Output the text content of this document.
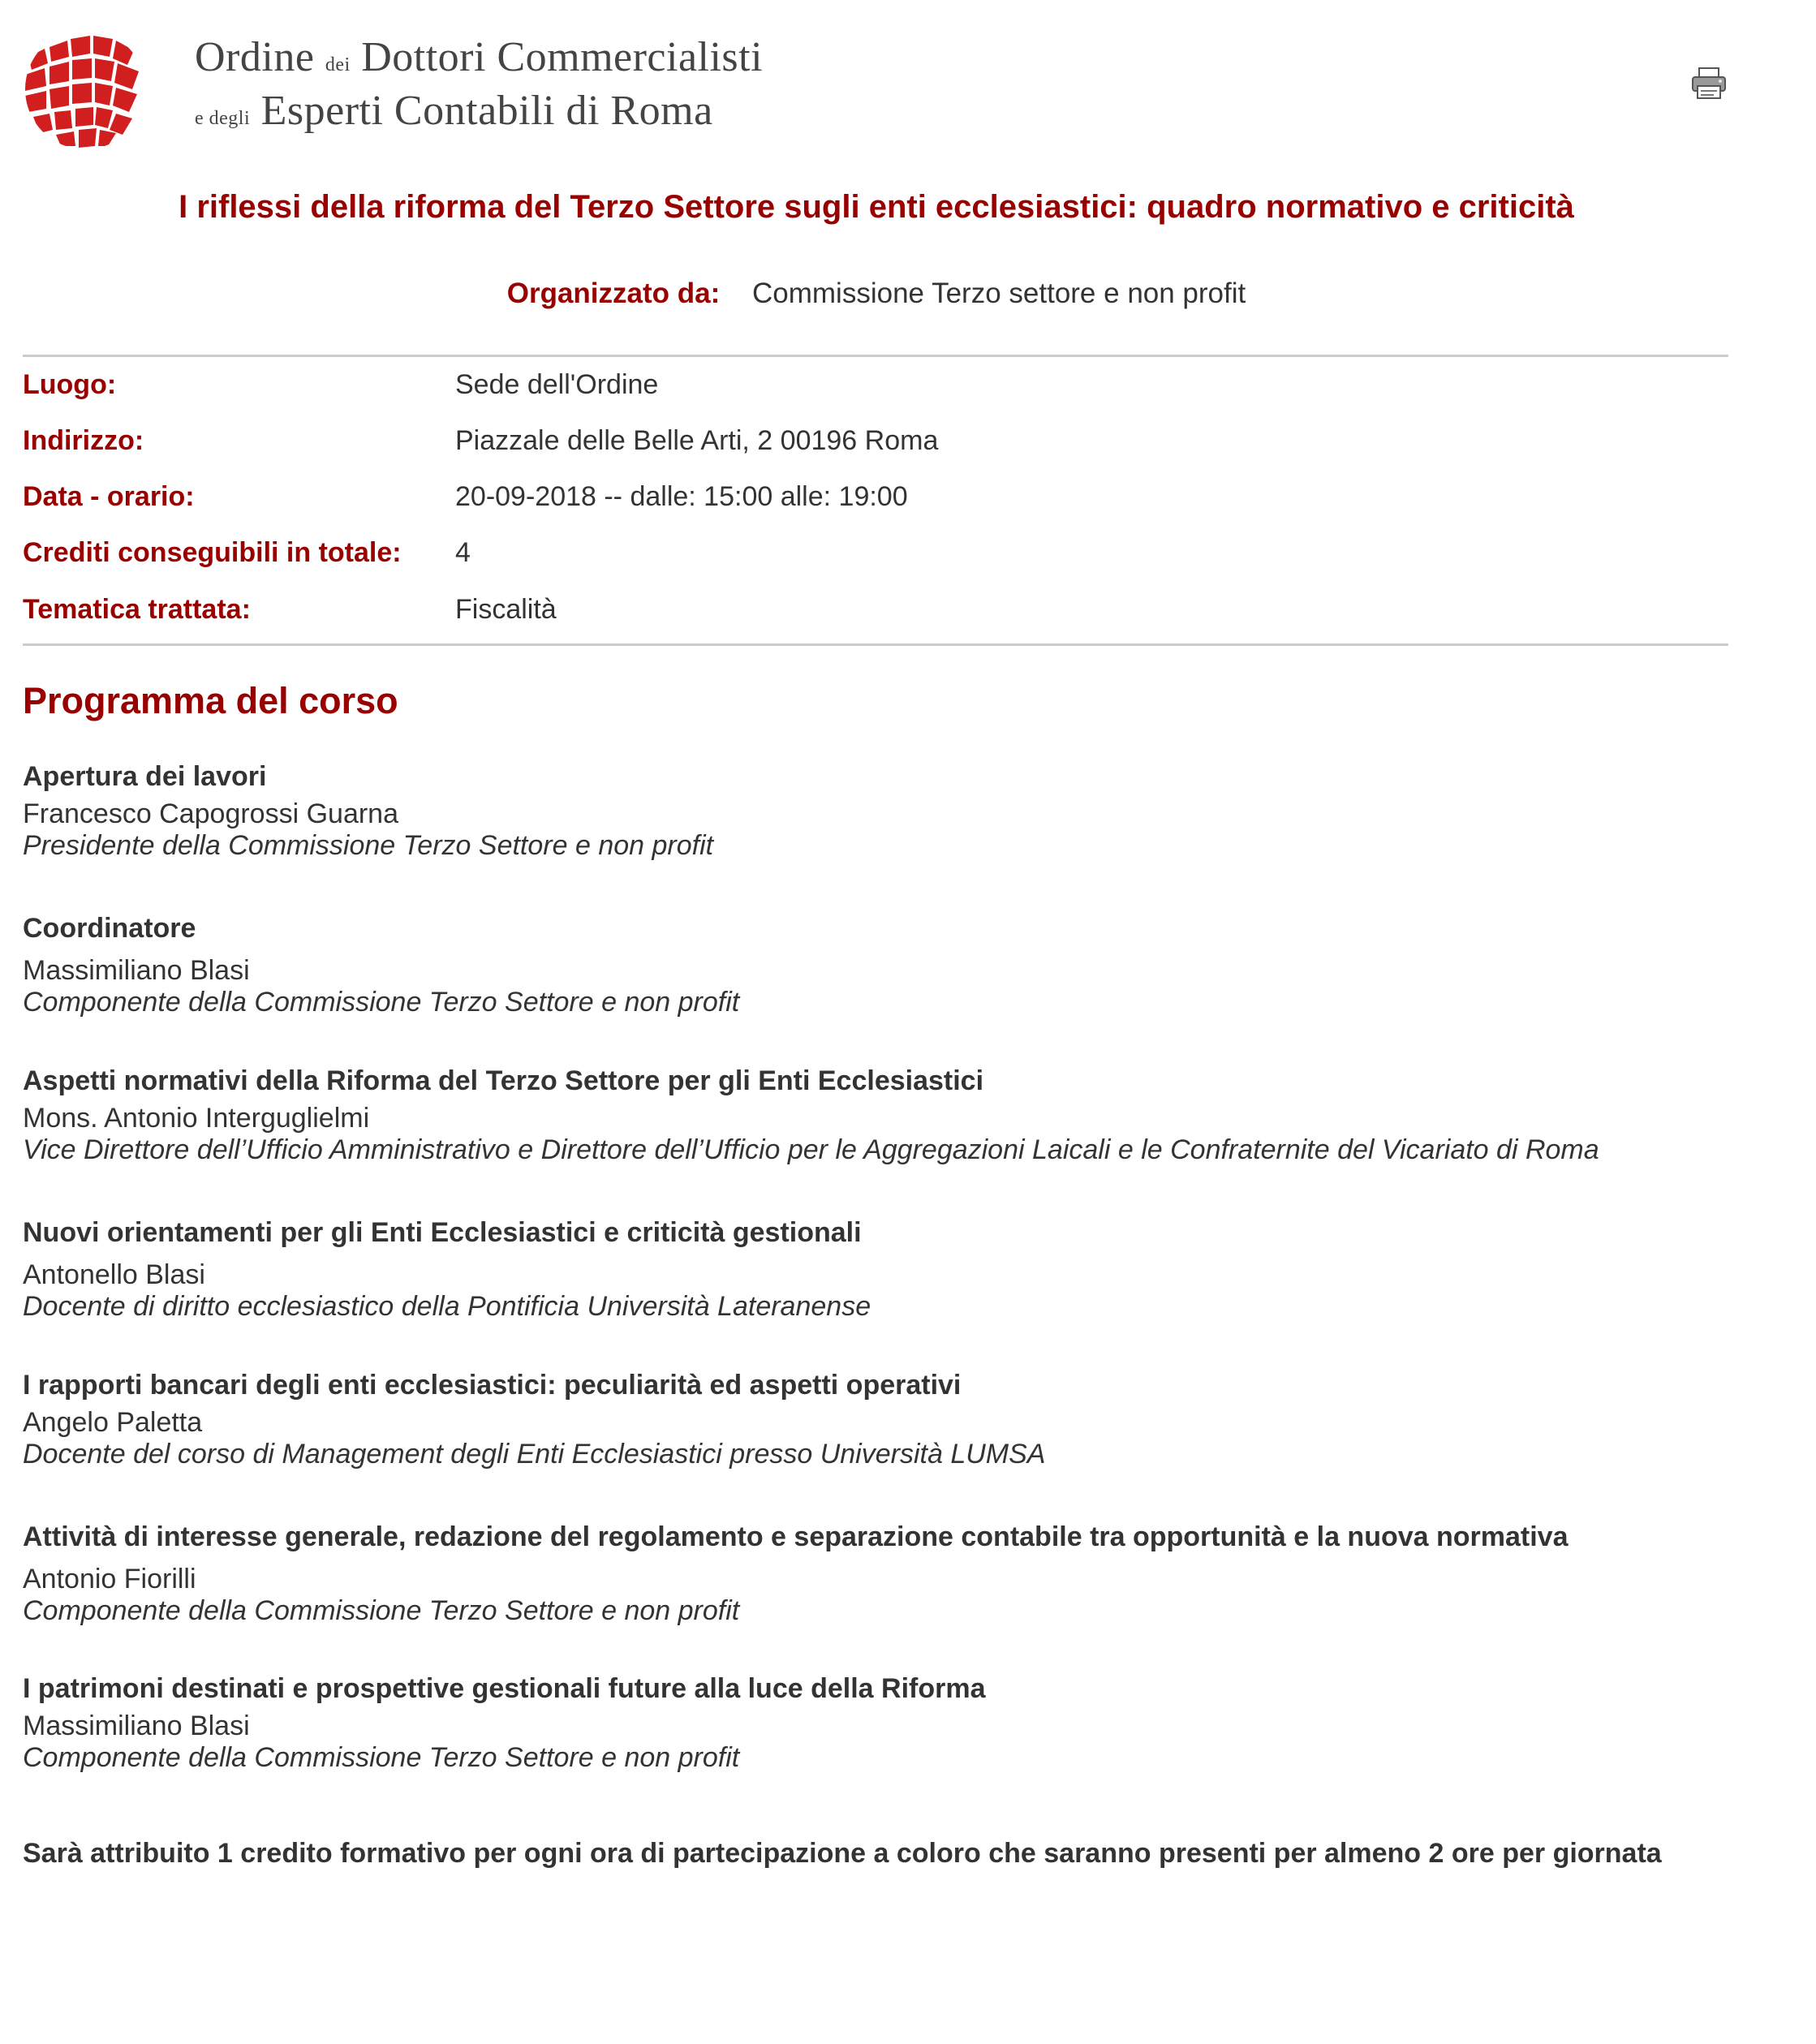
Ordine dei Dottori Commercialisti
e degli Esperti Contabili di Roma
I riflessi della riforma del Terzo Settore sugli enti ecclesiastici: quadro normativo e criticità
Organizzato da: Commissione Terzo settore e non profit
Luogo:	Sede dell'Ordine
Indirizzo:	Piazzale delle Belle Arti, 2 00196 Roma
Data - orario:	20-09-2018 -- dalle: 15:00 alle: 19:00
Crediti conseguibili in totale: 4
Tematica trattata:	Fiscalità
Programma del corso
Apertura dei lavori
Francesco Capogrossi Guarna
Presidente della Commissione Terzo Settore e non profit
Coordinatore
Massimiliano Blasi
Componente della Commissione Terzo Settore e non profit
Aspetti normativi della Riforma del Terzo Settore per gli Enti Ecclesiastici
Mons. Antonio Interguglielmi
Vice Direttore dell’Ufficio Amministrativo e Direttore dell’Ufficio per le Aggregazioni Laicali e le Confraternite del Vicariato di Roma
Nuovi orientamenti per gli Enti Ecclesiastici e criticità gestionali
Antonello Blasi
Docente di diritto ecclesiastico della Pontificia Università Lateranense
I rapporti bancari degli enti ecclesiastici: peculiarità ed aspetti operativi
Angelo Paletta
Docente del corso di Management degli Enti Ecclesiastici presso Università LUMSA
Attività di interesse generale, redazione del regolamento e separazione contabile tra opportunità e la nuova normativa
Antonio Fiorilli
Componente della Commissione Terzo Settore e non profit
I patrimoni destinati e prospettive gestionali future alla luce della Riforma
Massimiliano Blasi
Componente della Commissione Terzo Settore e non profit
Sarà attribuito 1 credito formativo per ogni ora di partecipazione a coloro che saranno presenti per almeno 2 ore per giornata
